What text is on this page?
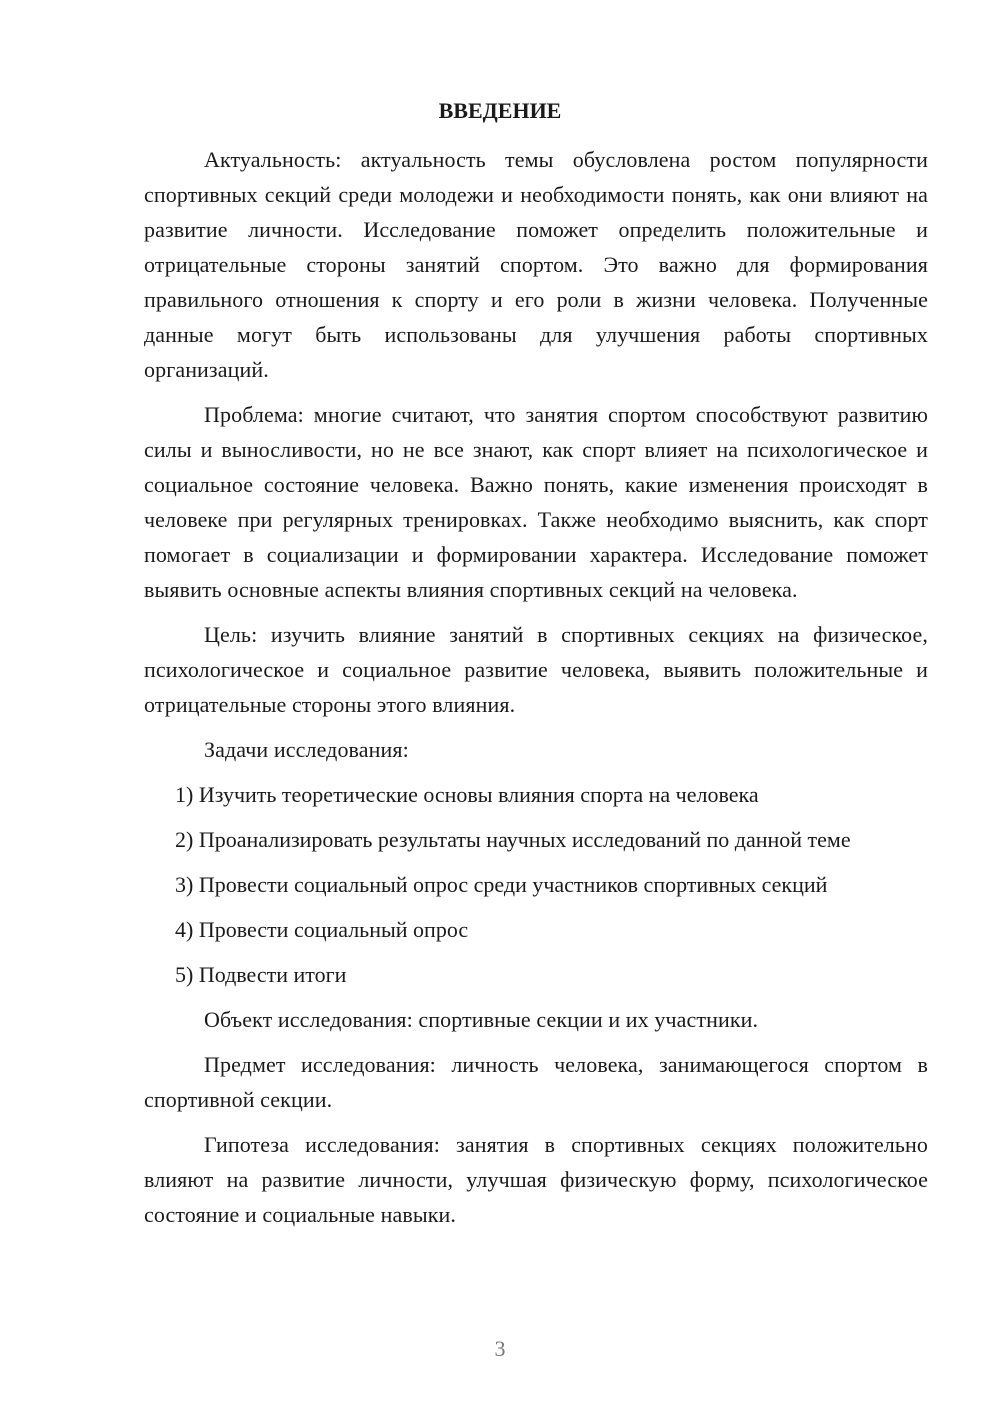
ВВЕДЕНИЕ

Актуальность: актуальность темы обусловлена ростом популярности спортивных секций среди молодежи и необходимости понять, как они влияют на развитие личности. Исследование поможет определить положительные и отрицательные стороны занятий спортом. Это важно для формирования правильного отношения к спорту и его роли в жизни человека. Полученные данные могут быть использованы для улучшения работы спортивных организаций.

Проблема: многие считают, что занятия спортом способствуют развитию силы и выносливости, но не все знают, как спорт влияет на психологическое и социальное состояние человека. Важно понять, какие изменения происходят в человеке при регулярных тренировках. Также необходимо выяснить, как спорт помогает в социализации и формировании характера. Исследование поможет выявить основные аспекты влияния спортивных секций на человека.

Цель: изучить влияние занятий в спортивных секциях на физическое, психологическое и социальное развитие человека, выявить положительные и отрицательные стороны этого влияния.

Задачи исследования:

1) Изучить теоретические основы влияния спорта на человека

2) Проанализировать результаты научных исследований по данной теме

3) Провести социальный опрос среди участников спортивных секций

4) Провести социальный опрос

5) Подвести итоги

Объект исследования: спортивные секции и их участники.

Предмет исследования: личность человека, занимающегося спортом в спортивной секции.

Гипотеза исследования: занятия в спортивных секциях положительно влияют на развитие личности, улучшая физическую форму, психологическое состояние и социальные навыки.

3
